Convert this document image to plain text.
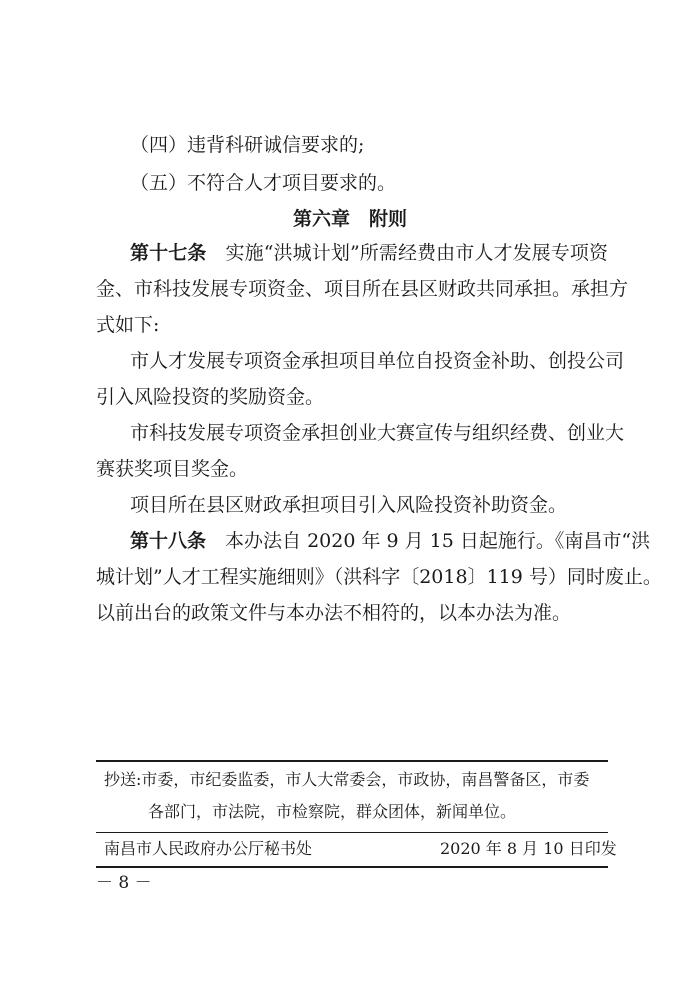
（四）违背科研诚信要求的;
（五）不符合人才项目要求的。
第六章　附则
第十七条　 实施“洪城计划”所需经费由市人才发展专项资
金、市科技发展专项资金、项目所在县区财政共同承担。承担方
式如下:
市人才发展专项资金承担项目单位自投资金补助、创投公司
引入风险投资的奖励资金。
市科技发展专项资金承担创业大赛宣传与组织经费、创业大
赛获奖项目奖金。
项目所在县区财政承担项目引入风险投资补助资金。
第十八条　 本办法自 2020 年 9 月 15 日起施行。《南昌市“洪
城计划”人才工程实施细则》（洪科字〔2018〕119 号）同时废止。
以前出台的政策文件与本办法不相符的，以本办法为准。
抄送:市委，市纪委监委，市人大常委会，市政协，南昌警备区，市委
各部门，市法院，市检察院，群众团体，新闻单位。
南昌市人民政府办公厅秘书处	2020 年 8 月 10 日印发
－ 8 －
